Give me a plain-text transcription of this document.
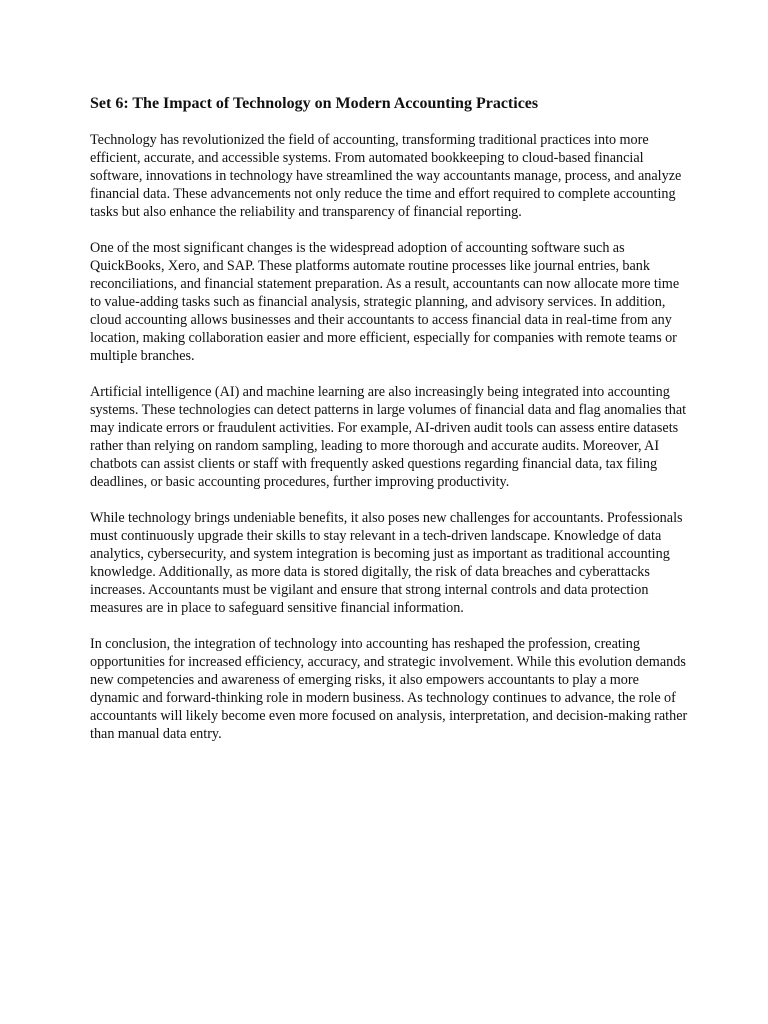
Set 6: The Impact of Technology on Modern Accounting Practices

Technology has revolutionized the field of accounting, transforming traditional practices into more efficient, accurate, and accessible systems. From automated bookkeeping to cloud-based financial software, innovations in technology have streamlined the way accountants manage, process, and analyze financial data. These advancements not only reduce the time and effort required to complete accounting tasks but also enhance the reliability and transparency of financial reporting.

One of the most significant changes is the widespread adoption of accounting software such as QuickBooks, Xero, and SAP. These platforms automate routine processes like journal entries, bank reconciliations, and financial statement preparation. As a result, accountants can now allocate more time to value-adding tasks such as financial analysis, strategic planning, and advisory services. In addition, cloud accounting allows businesses and their accountants to access financial data in real-time from any location, making collaboration easier and more efficient, especially for companies with remote teams or multiple branches.

Artificial intelligence (AI) and machine learning are also increasingly being integrated into accounting systems. These technologies can detect patterns in large volumes of financial data and flag anomalies that may indicate errors or fraudulent activities. For example, AI-driven audit tools can assess entire datasets rather than relying on random sampling, leading to more thorough and accurate audits. Moreover, AI chatbots can assist clients or staff with frequently asked questions regarding financial data, tax filing deadlines, or basic accounting procedures, further improving productivity.

While technology brings undeniable benefits, it also poses new challenges for accountants. Professionals must continuously upgrade their skills to stay relevant in a tech-driven landscape. Knowledge of data analytics, cybersecurity, and system integration is becoming just as important as traditional accounting knowledge. Additionally, as more data is stored digitally, the risk of data breaches and cyberattacks increases. Accountants must be vigilant and ensure that strong internal controls and data protection measures are in place to safeguard sensitive financial information.

In conclusion, the integration of technology into accounting has reshaped the profession, creating opportunities for increased efficiency, accuracy, and strategic involvement. While this evolution demands new competencies and awareness of emerging risks, it also empowers accountants to play a more dynamic and forward-thinking role in modern business. As technology continues to advance, the role of accountants will likely become even more focused on analysis, interpretation, and decision-making rather than manual data entry.
